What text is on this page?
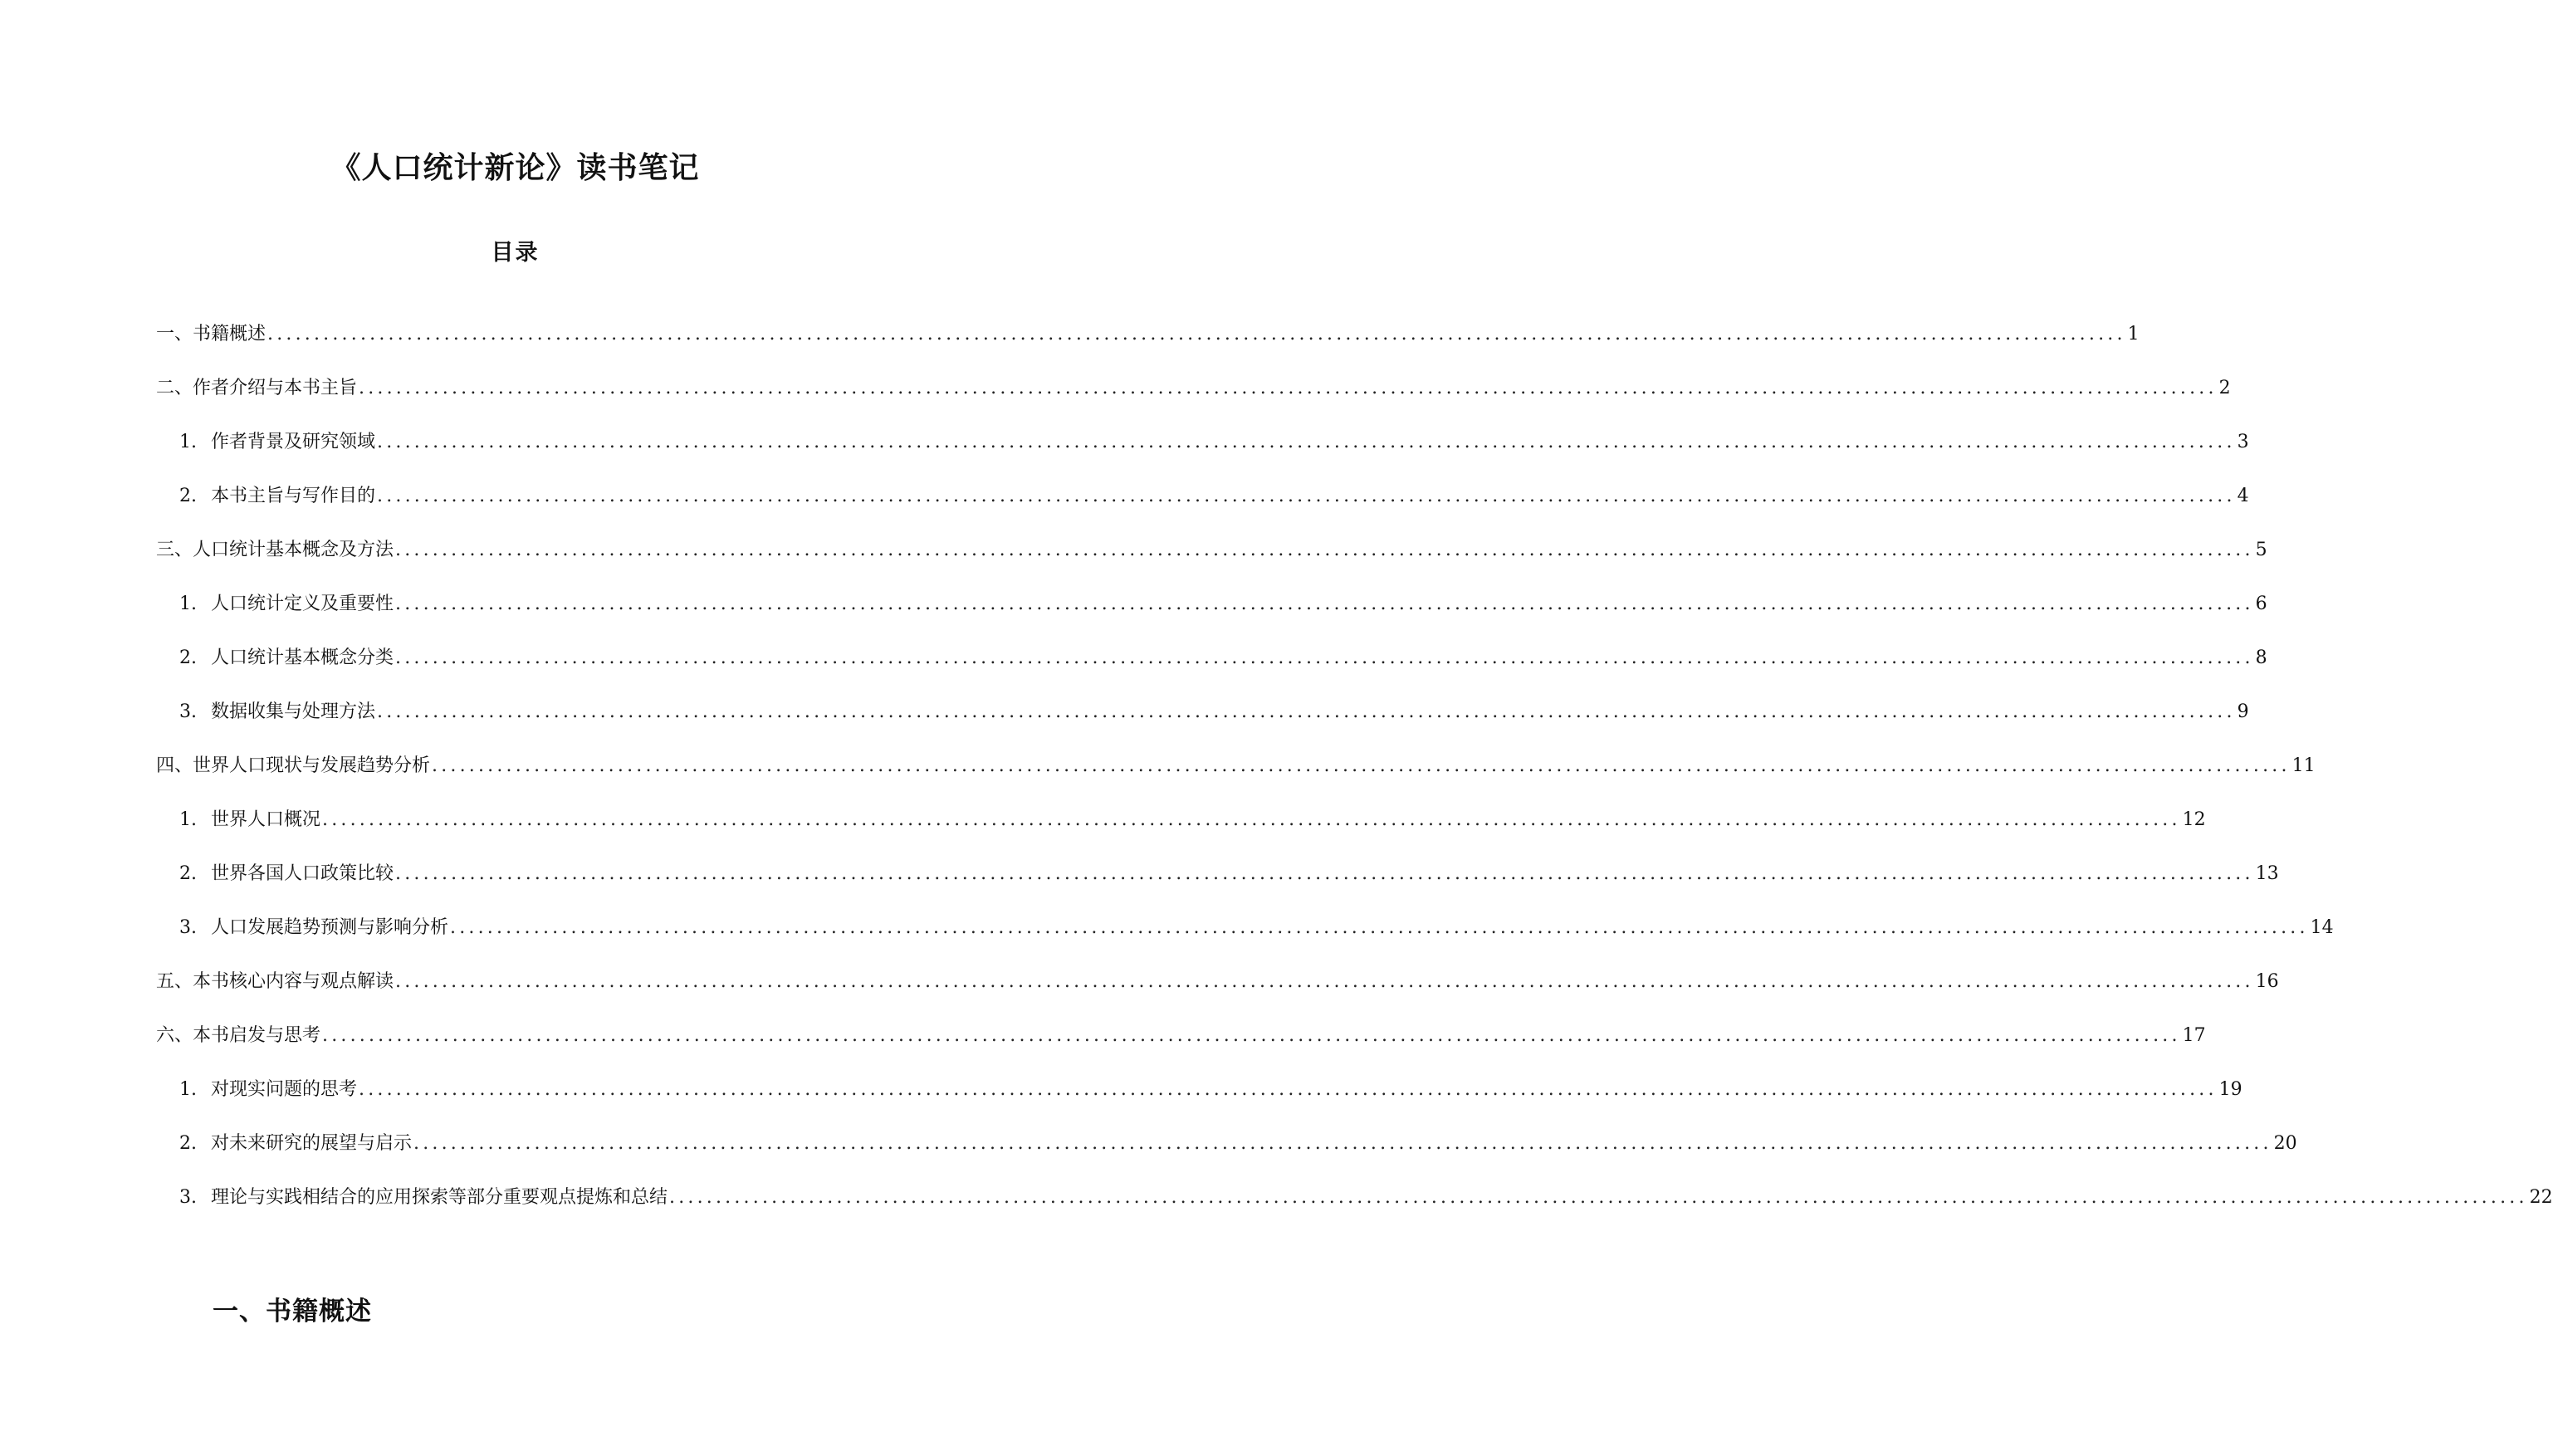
《人口统计新论》读书笔记
目录
一、书籍概述 ........................................................................................................................................................................................................ 1
二、作者介绍与本书主旨 ........................................................................................................................................................................................................ 2
1. 作者背景及研究领域 ........................................................................................................................................................................................................ 3
2. 本书主旨与写作目的 ........................................................................................................................................................................................................ 4
三、人口统计基本概念及方法 ........................................................................................................................................................................................................ 5
1. 人口统计定义及重要性 ........................................................................................................................................................................................................ 6
2. 人口统计基本概念分类 ........................................................................................................................................................................................................ 8
3. 数据收集与处理方法 ........................................................................................................................................................................................................ 9
四、世界人口现状与发展趋势分析 ........................................................................................................................................................................................................ 11
1. 世界人口概况 ........................................................................................................................................................................................................ 12
2. 世界各国人口政策比较 ........................................................................................................................................................................................................ 13
3. 人口发展趋势预测与影响分析 ........................................................................................................................................................................................................ 14
五、本书核心内容与观点解读 ........................................................................................................................................................................................................ 16
六、本书启发与思考 ........................................................................................................................................................................................................ 17
1. 对现实问题的思考 ........................................................................................................................................................................................................ 19
2. 对未来研究的展望与启示 ........................................................................................................................................................................................................ 20
3. 理论与实践相结合的应用探索等部分重要观点提炼和总结 ........................................................................................................................................................................................................ 22
一、书籍概述
